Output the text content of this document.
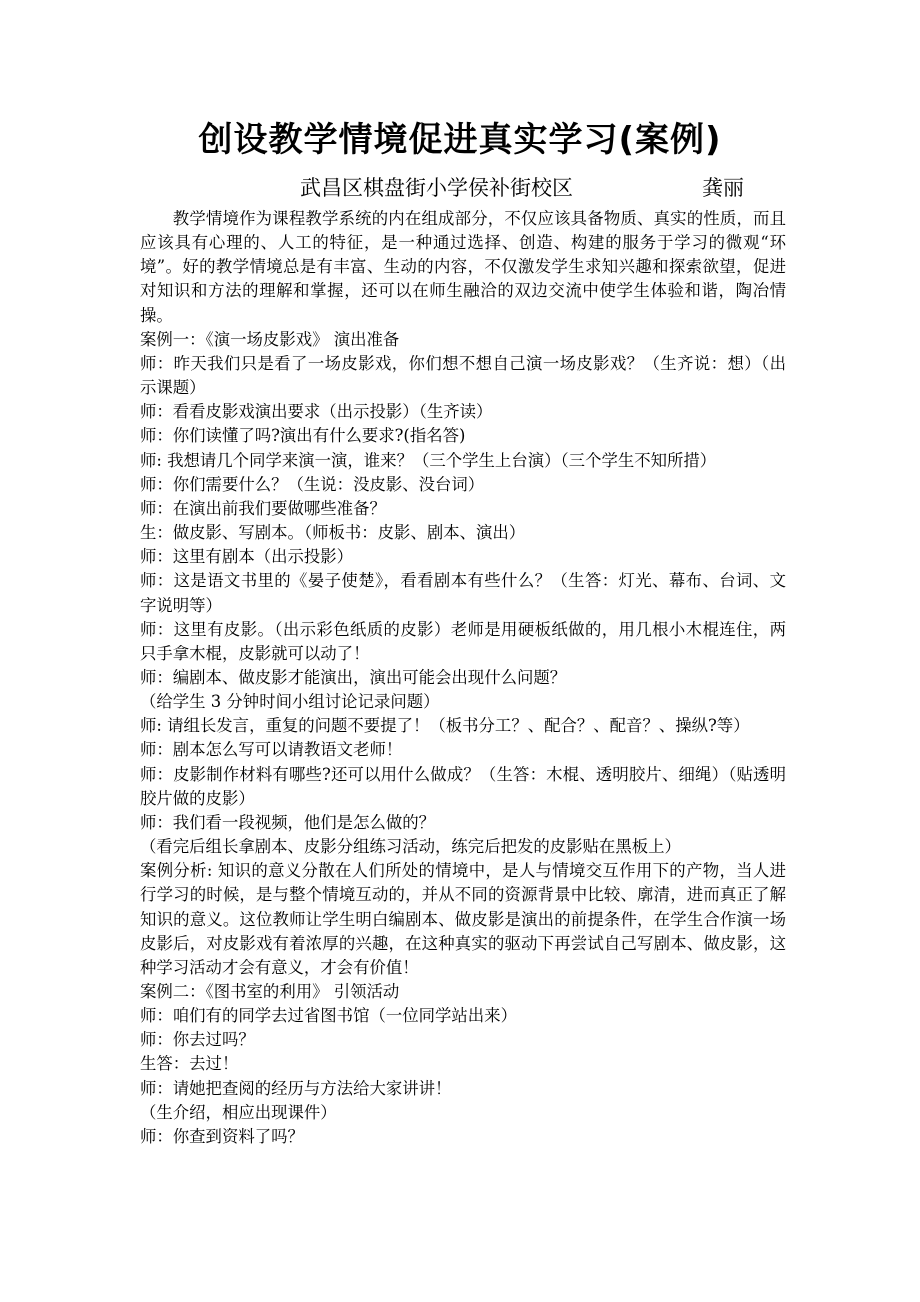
创设教学情境促进真实学习(案例)
武昌区棋盘街小学侯补街校区	龚丽

教学情境作为课程教学系统的内在组成部分，不仅应该具备物质、真实的性质，而且应该具有心理的、人工的特征，是一种通过选择、创造、构建的服务于学习的微观“环境”。好的教学情境总是有丰富、生动的内容，不仅激发学生求知兴趣和探索欲望，促进对知识和方法的理解和掌握，还可以在师生融洽的双边交流中使学生体验和谐，陶冶情操。

案例一：《演一场皮影戏》 演出准备

师：昨天我们只是看了一场皮影戏，你们想不想自己演一场皮影戏？（生齐说：想）（出示课题）

师：看看皮影戏演出要求（出示投影）（生齐读）

师：你们读懂了吗?演出有什么要求?(指名答)

师: 我想请几个同学来演一演，谁来？（三个学生上台演）（三个学生不知所措）

师：你们需要什么？（生说：没皮影、没台词）

师：在演出前我们要做哪些准备？

生：做皮影、写剧本。（师板书：皮影、剧本、演出）

师：这里有剧本（出示投影）

师：这是语文书里的《晏子使楚》，看看剧本有些什么？（生答：灯光、幕布、台词、文字说明等）

师：这里有皮影。（出示彩色纸质的皮影）老师是用硬板纸做的，用几根小木棍连住，两只手拿木棍，皮影就可以动了！

师：编剧本、做皮影才能演出，演出可能会出现什么问题？

（给学生 3 分钟时间小组讨论记录问题）

师: 请组长发言，重复的问题不要提了！（板书分工？、配合？、配音？、操纵?等）

师：剧本怎么写可以请教语文老师！

师：皮影制作材料有哪些?还可以用什么做成？（生答：木棍、透明胶片、细绳）（贴透明胶片做的皮影）

师：我们看一段视频，他们是怎么做的？

（看完后组长拿剧本、皮影分组练习活动，练完后把发的皮影贴在黑板上）

案例分析: 知识的意义分散在人们所处的情境中，是人与情境交互作用下的产物，当人进行学习的时候，是与整个情境互动的，并从不同的资源背景中比较、廓清，进而真正了解知识的意义。这位教师让学生明白编剧本、做皮影是演出的前提条件，在学生合作演一场皮影后，对皮影戏有着浓厚的兴趣，在这种真实的驱动下再尝试自己写剧本、做皮影，这种学习活动才会有意义，才会有价值！

案例二：《图书室的利用》 引领活动

师：咱们有的同学去过省图书馆（一位同学站出来）

师：你去过吗？

生答：去过！

师：请她把查阅的经历与方法给大家讲讲！

（生介绍，相应出现课件）

师：你查到资料了吗？
